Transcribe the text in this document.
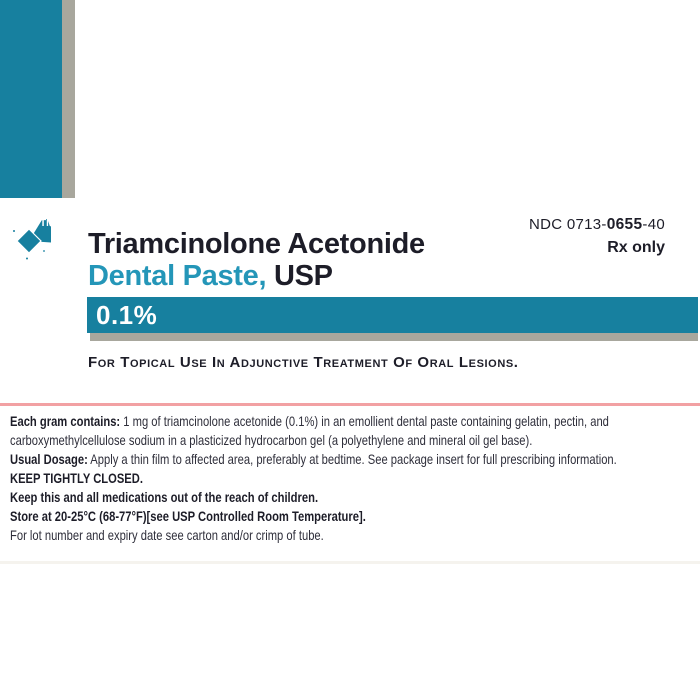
TM
5 g
Triamcinolone Acetonide
Dental Paste, USP
NDC 0713-0655-40
Rx only
0.1%
For Topical Use In Adjunctive Treatment Of Oral Lesions.
Each gram contains: 1 mg of triamcinolone acetonide (0.1%) in an emollient dental paste containing gelatin, pectin, and
carboxymethylcellulose sodium in a plasticized hydrocarbon gel (a polyethylene and mineral oil gel base).
Usual Dosage: Apply a thin film to affected area, preferably at bedtime. See package insert for full prescribing information.
KEEP TIGHTLY CLOSED.
Keep this and all medications out of the reach of children.
Store at 20-25°C (68-77°F)[see USP Controlled Room Temperature].
For lot number and expiry date see carton and/or crimp of tube.
